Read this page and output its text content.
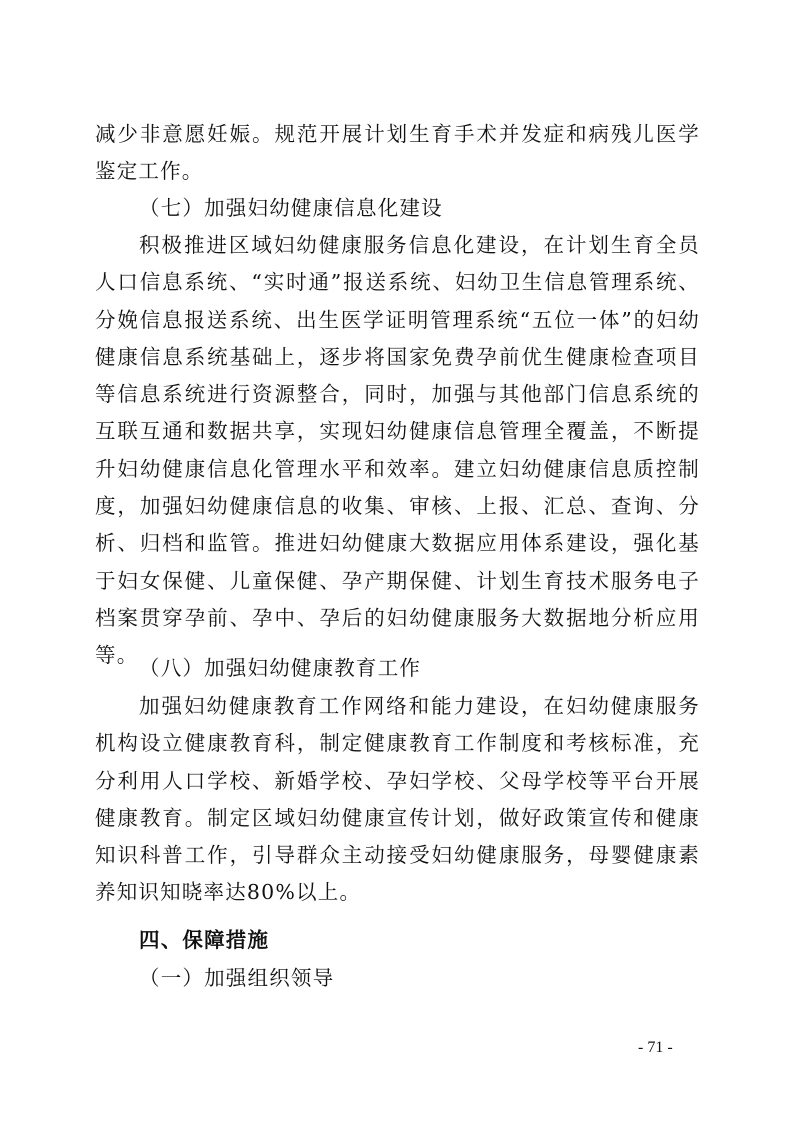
减少非意愿妊娠。规范开展计划生育手术并发症和病残儿医学鉴定工作。
（七）加强妇幼健康信息化建设
积极推进区域妇幼健康服务信息化建设，在计划生育全员人口信息系统、“实时通”报送系统、妇幼卫生信息管理系统、分娩信息报送系统、出生医学证明管理系统“五位一体”的妇幼健康信息系统基础上，逐步将国家免费孕前优生健康检查项目等信息系统进行资源整合，同时，加强与其他部门信息系统的互联互通和数据共享，实现妇幼健康信息管理全覆盖，不断提升妇幼健康信息化管理水平和效率。建立妇幼健康信息质控制度，加强妇幼健康信息的收集、审核、上报、汇总、查询、分析、归档和监管。推进妇幼健康大数据应用体系建设，强化基于妇女保健、儿童保健、孕产期保健、计划生育技术服务电子档案贯穿孕前、孕中、孕后的妇幼健康服务大数据地分析应用等。
（八）加强妇幼健康教育工作
加强妇幼健康教育工作网络和能力建设，在妇幼健康服务机构设立健康教育科，制定健康教育工作制度和考核标准，充分利用人口学校、新婚学校、孕妇学校、父母学校等平台开展健康教育。制定区域妇幼健康宣传计划，做好政策宣传和健康知识科普工作，引导群众主动接受妇幼健康服务，母婴健康素养知识知晓率达80%以上。
四、保障措施
（一）加强组织领导
- 71 -
